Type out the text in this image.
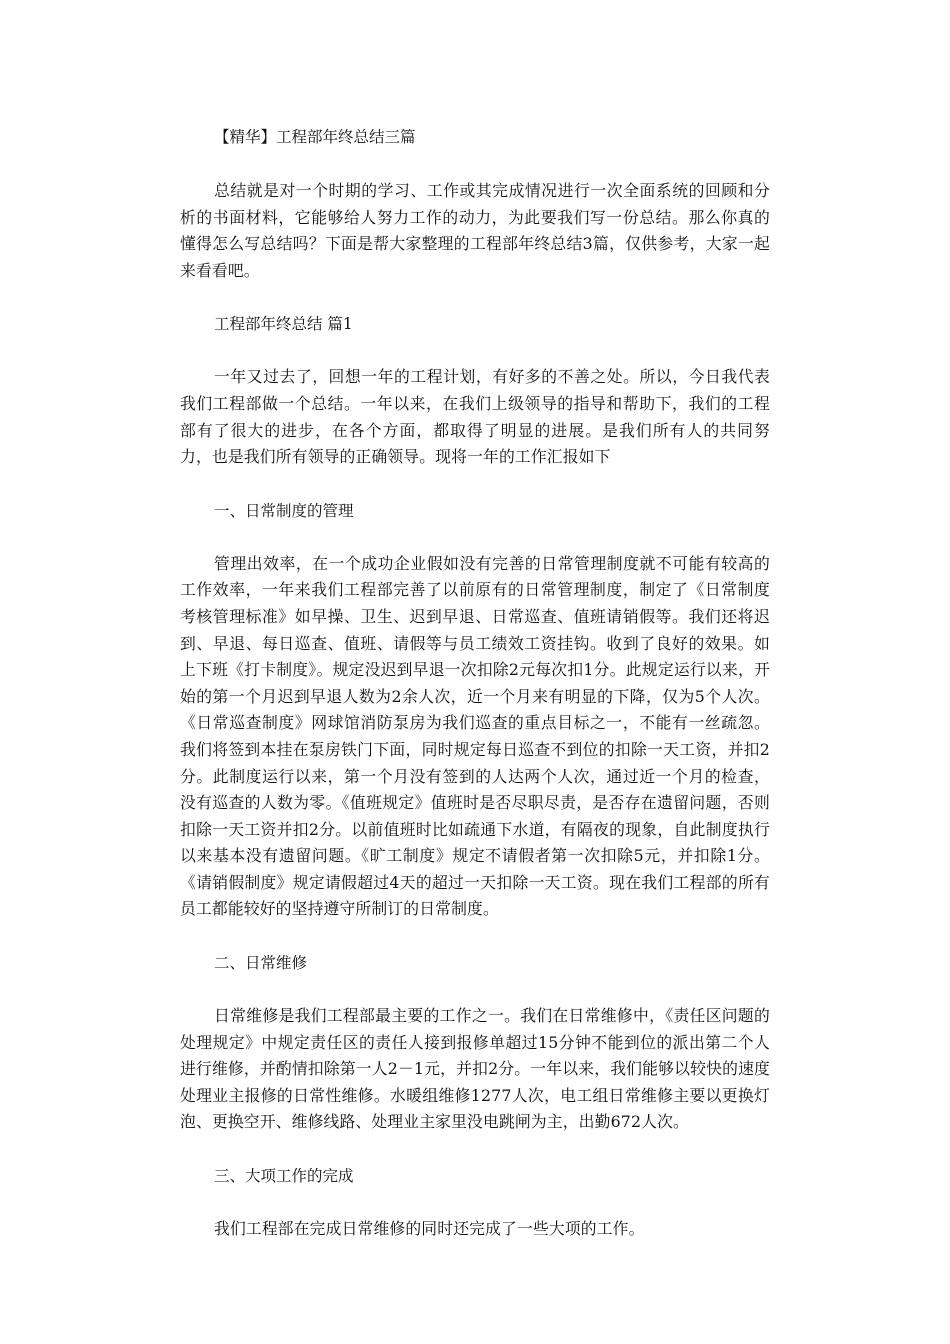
【精华】工程部年终总结三篇

总结就是对一个时期的学习、工作或其完成情况进行一次全面系统的回顾和分析的书面材料，它能够给人努力工作的动力，为此要我们写一份总结。那么你真的懂得怎么写总结吗？下面是帮大家整理的工程部年终总结3篇，仅供参考，大家一起来看看吧。

工程部年终总结 篇1

一年又过去了，回想一年的工程计划，有好多的不善之处。所以，今日我代表我们工程部做一个总结。一年以来，在我们上级领导的指导和帮助下，我们的工程部有了很大的进步，在各个方面，都取得了明显的进展。是我们所有人的共同努力，也是我们所有领导的正确领导。现将一年的工作汇报如下

一、日常制度的管理

管理出效率，在一个成功企业假如没有完善的日常管理制度就不可能有较高的工作效率，一年来我们工程部完善了以前原有的日常管理制度，制定了《日常制度考核管理标准》如早操、卫生、迟到早退、日常巡查、值班请销假等。我们还将迟到、早退、每日巡查、值班、请假等与员工绩效工资挂钩。收到了良好的效果。如上下班《打卡制度》。规定没迟到早退一次扣除2元每次扣1分。此规定运行以来，开始的第一个月迟到早退人数为2余人次，近一个月来有明显的下降，仅为5个人次。《日常巡查制度》网球馆消防泵房为我们巡查的重点目标之一，不能有一丝疏忽。我们将签到本挂在泵房铁门下面，同时规定每日巡查不到位的扣除一天工资，并扣2分。此制度运行以来，第一个月没有签到的人达两个人次，通过近一个月的检查，没有巡查的人数为零。《值班规定》值班时是否尽职尽责，是否存在遗留问题，否则扣除一天工资并扣2分。以前值班时比如疏通下水道，有隔夜的现象，自此制度执行以来基本没有遗留问题。《旷工制度》规定不请假者第一次扣除5元，并扣除1分。《请销假制度》规定请假超过4天的超过一天扣除一天工资。现在我们工程部的所有员工都能较好的坚持遵守所制订的日常制度。

二、日常维修

日常维修是我们工程部最主要的工作之一。我们在日常维修中，《责任区问题的处理规定》中规定责任区的责任人接到报修单超过15分钟不能到位的派出第二个人进行维修，并酌情扣除第一人2－1元，并扣2分。一年以来，我们能够以较快的速度处理业主报修的日常性维修。水暖组维修1277人次，电工组日常维修主要以更换灯泡、更换空开、维修线路、处理业主家里没电跳闸为主，出勤672人次。

三、大项工作的完成

我们工程部在完成日常维修的同时还完成了一些大项的工作。
